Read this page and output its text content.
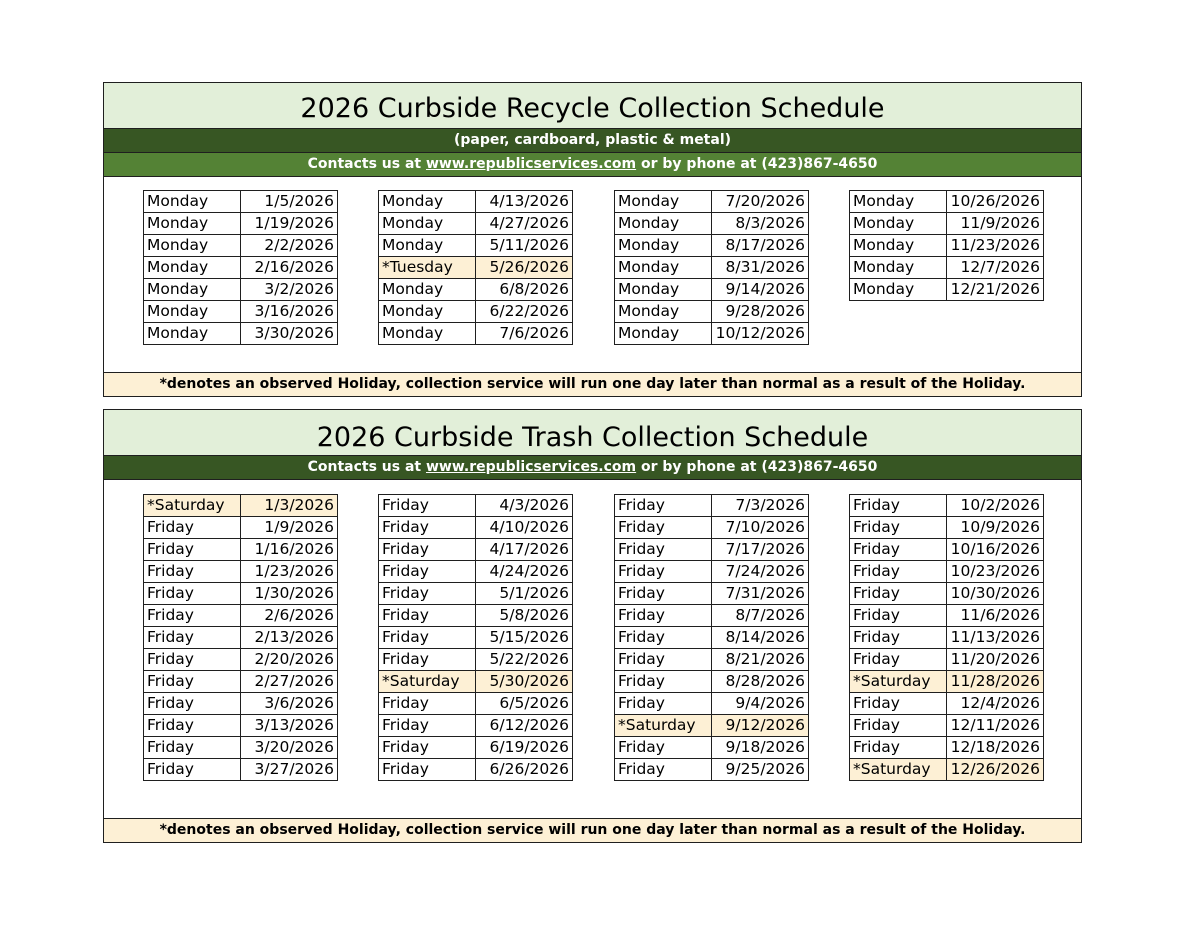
2026 Curbside Recycle Collection Schedule
(paper, cardboard, plastic & metal)
Contacts us at www.republicservices.com or by phone at (423)867-4650
Monday	1/5/2026
Monday	1/19/2026
Monday	2/2/2026
Monday	2/16/2026
Monday	3/2/2026
Monday	3/16/2026
Monday	3/30/2026
Monday	4/13/2026
Monday	4/27/2026
Monday	5/11/2026
*Tuesday	5/26/2026
Monday	6/8/2026
Monday	6/22/2026
Monday	7/6/2026
Monday	7/20/2026
Monday	8/3/2026
Monday	8/17/2026
Monday	8/31/2026
Monday	9/14/2026
Monday	9/28/2026
Monday	10/12/2026
Monday	10/26/2026
Monday	11/9/2026
Monday	11/23/2026
Monday	12/7/2026
Monday	12/21/2026
*denotes an observed Holiday, collection service will run one day later than normal as a result of the Holiday.
2026 Curbside Trash Collection Schedule
Contacts us at www.republicservices.com or by phone at (423)867-4650
*Saturday	1/3/2026
Friday	1/9/2026
Friday	1/16/2026
Friday	1/23/2026
Friday	1/30/2026
Friday	2/6/2026
Friday	2/13/2026
Friday	2/20/2026
Friday	2/27/2026
Friday	3/6/2026
Friday	3/13/2026
Friday	3/20/2026
Friday	3/27/2026
Friday	4/3/2026
Friday	4/10/2026
Friday	4/17/2026
Friday	4/24/2026
Friday	5/1/2026
Friday	5/8/2026
Friday	5/15/2026
Friday	5/22/2026
*Saturday	5/30/2026
Friday	6/5/2026
Friday	6/12/2026
Friday	6/19/2026
Friday	6/26/2026
Friday	7/3/2026
Friday	7/10/2026
Friday	7/17/2026
Friday	7/24/2026
Friday	7/31/2026
Friday	8/7/2026
Friday	8/14/2026
Friday	8/21/2026
Friday	8/28/2026
Friday	9/4/2026
*Saturday	9/12/2026
Friday	9/18/2026
Friday	9/25/2026
Friday	10/2/2026
Friday	10/9/2026
Friday	10/16/2026
Friday	10/23/2026
Friday	10/30/2026
Friday	11/6/2026
Friday	11/13/2026
Friday	11/20/2026
*Saturday	11/28/2026
Friday	12/4/2026
Friday	12/11/2026
Friday	12/18/2026
*Saturday	12/26/2026
*denotes an observed Holiday, collection service will run one day later than normal as a result of the Holiday.
